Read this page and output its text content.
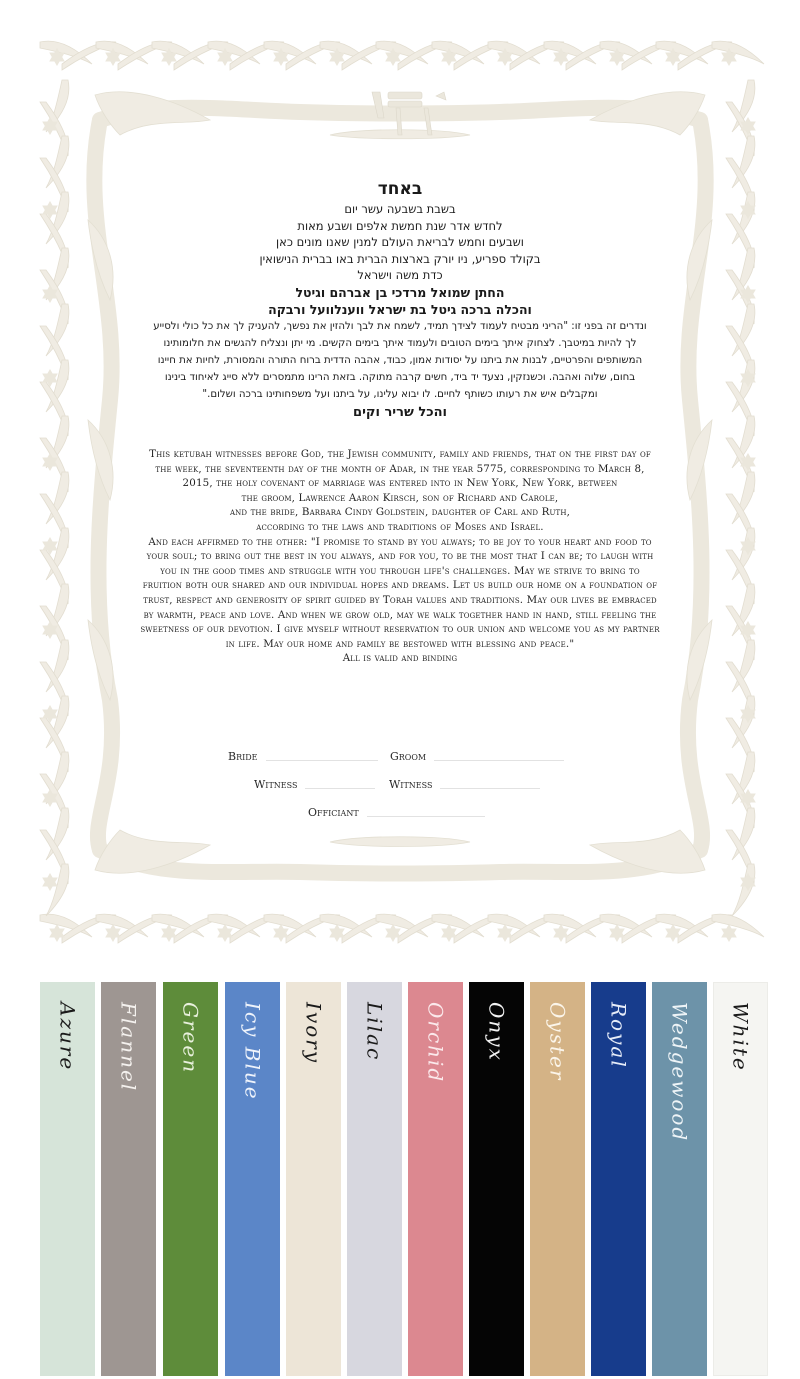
באחד
בשבת בשבעה עשר יום
לחדש אדר שנת חמשת אלפים ושבע מאות
ושבעים וחמש לבריאת העולם למנין שאנו מונים כאן
בקולד ספריע, ניו יורק בארצות הברית באו בברית הנישואין
כדת משה וישראל
החתן שמואל מרדכי בן אברהם וגיטל
והכלה ברכה גיטל בת ישראל ווענלוועל ורבקה
ונדרים זה בפני זו: "הריני מבטיח לעמוד לצידך תמיד, לשמח את לבך ולהזין את נפשך, להעניק לך את כל כולי ולסייע לך להיות במיטבך. לצחוק איתך בימים הטובים ולעמוד איתך בימים הקשים. מי יתן ונצליח להגשים את חלומותינו המשותפים והפרטיים, לבנות את ביתנו על יסודות אמון, כבוד, אהבה הדדית ברוח התורה והמסורת, לחיות את חיינו בחום, שלוה ואהבה. וכשנזקין, נצעד יד ביד, חשים קרבה מתוקה. בזאת הרינו מתמסרים ללא סייג לאיחוד בינינו ומקבלים איש את רעותו כשותף לחיים. לו יבוא עלינו, על ביתנו ועל משפחותינו ברכה ושלום."
והכל שריר וקים

This ketubah witnesses before God, the Jewish community, family and friends, that on the first day of the week, the seventeenth day of the month of Adar, in the year 5775, corresponding to March 8, 2015, the holy covenant of marriage was entered into in New York, New York, between

the groom, Lawrence Aaron Kirsch, son of Richard and Carole,

and the bride, Barbara Cindy Goldstein, daughter of Carl and Ruth,

according to the laws and traditions of Moses and Israel.

And each affirmed to the other: "I promise to stand by you always; to be joy to your heart and food to your soul; to bring out the best in you always, and for you, to be the most that I can be; to laugh with you in the good times and struggle with you through life's challenges. May we strive to bring to fruition both our shared and our individual hopes and dreams. Let us build our home on a foundation of trust, respect and generosity of spirit guided by Torah values and traditions. May our lives be embraced by warmth, peace and love. And when we grow old, may we walk together hand in hand, still feeling the sweetness of our devotion. I give myself without reservation to our union and welcome you as my partner in life. May our home and family be bestowed with blessing and peace."

All is valid and binding

Bride	Groom
Witness	Witness
Officiant
Azure Flannel Green Icy Blue Ivory Lilac Orchid Onyx Oyster Royal Wedgewood White
